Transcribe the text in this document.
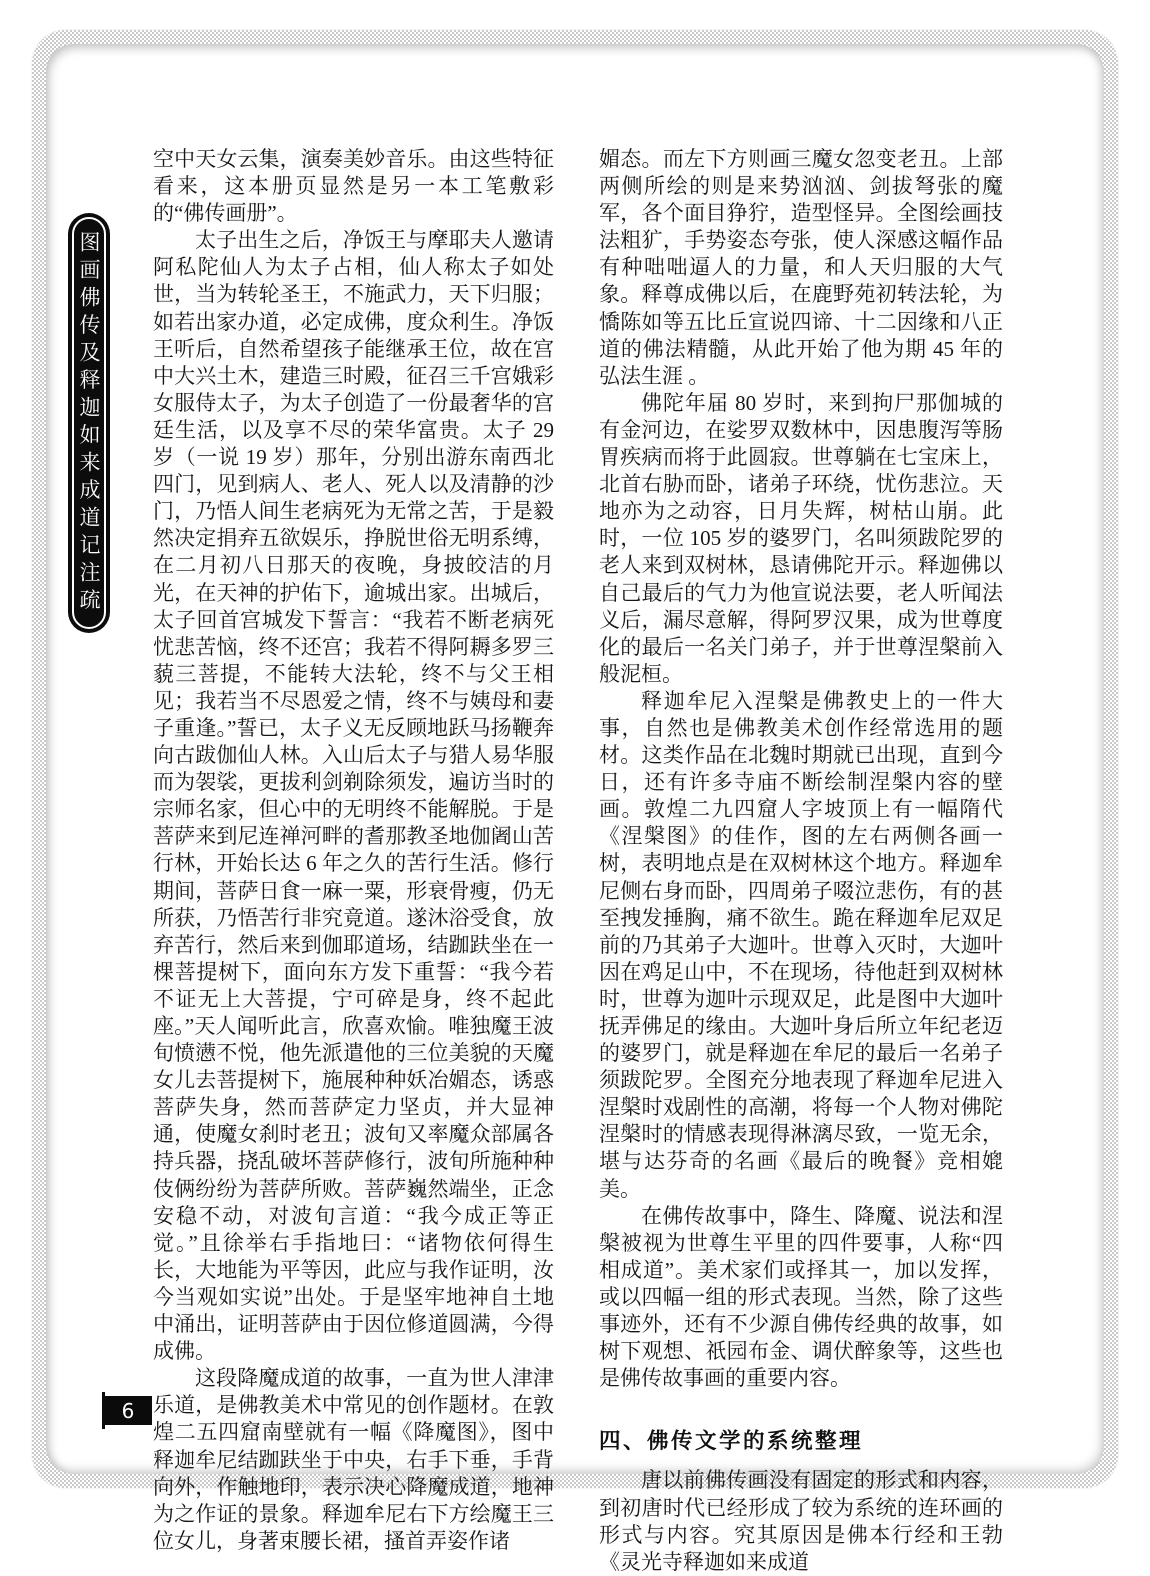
图画佛传及释迦如来成道记注疏

空中天女云集，演奏美妙音乐。由这些特征看来，这本册页显然是另一本工笔敷彩的“佛传画册”。

太子出生之后，净饭王与摩耶夫人邀请阿私陀仙人为太子占相，仙人称太子如处世，当为转轮圣王，不施武力，天下归服；如若出家办道，必定成佛，度众利生。净饭王听后，自然希望孩子能继承王位，故在宫中大兴土木，建造三时殿，征召三千宫娥彩女服侍太子，为太子创造了一份最奢华的宫廷生活，以及享不尽的荣华富贵。太子 29 岁（一说 19 岁）那年，分别出游东南西北四门，见到病人、老人、死人以及清静的沙门，乃悟人间生老病死为无常之苦，于是毅然决定捐弃五欲娱乐，挣脱世俗无明系缚，在二月初八日那天的夜晚，身披皎洁的月光，在天神的护佑下，逾城出家。出城后，太子回首宫城发下誓言：“我若不断老病死忧悲苦恼，终不还宫；我若不得阿耨多罗三藐三菩提，不能转大法轮，终不与父王相见；我若当不尽恩爱之情，终不与姨母和妻子重逢。”誓已，太子义无反顾地跃马扬鞭奔向古跋伽仙人林。入山后太子与猎人易华服而为袈裟，更拔利剑剃除须发，遍访当时的宗师名家，但心中的无明终不能解脱。于是菩萨来到尼连禅河畔的耆那教圣地伽阇山苦行林，开始长达 6 年之久的苦行生活。修行期间，菩萨日食一麻一粟，形衰骨瘦，仍无所获，乃悟苦行非究竟道。遂沐浴受食，放弃苦行，然后来到伽耶道场，结跏趺坐在一棵菩提树下，面向东方发下重誓：“我今若不证无上大菩提，宁可碎是身，终不起此座。”天人闻听此言，欣喜欢愉。唯独魔王波旬愤懑不悦，他先派遣他的三位美貌的天魔女儿去菩提树下，施展种种妖冶媚态，诱惑菩萨失身，然而菩萨定力坚贞，并大显神通，使魔女刹时老丑；波旬又率魔众部属各持兵器，挠乱破坏菩萨修行，波旬所施种种伎俩纷纷为菩萨所败。菩萨巍然端坐，正念安稳不动，对波旬言道：“我今成正等正觉。”且徐举右手指地曰：“诸物依何得生长，大地能为平等因，此应与我作证明，汝今当观如实说”出处。于是坚牢地神自土地中涌出，证明菩萨由于因位修道圆满，今得成佛。

这段降魔成道的故事，一直为世人津津乐道，是佛教美术中常见的创作题材。在敦煌二五四窟南壁就有一幅《降魔图》，图中释迦牟尼结跏趺坐于中央，右手下垂，手背向外，作触地印，表示决心降魔成道，地神为之作证的景象。释迦牟尼右下方绘魔王三位女儿，身著束腰长裙，搔首弄姿作诸

媚态。而左下方则画三魔女忽变老丑。上部两侧所绘的则是来势汹汹、剑拔弩张的魔军，各个面目狰狞，造型怪异。全图绘画技法粗犷，手势姿态夸张，使人深感这幅作品有种咄咄逼人的力量，和人天归服的大气象。释尊成佛以后，在鹿野苑初转法轮，为憍陈如等五比丘宣说四谛、十二因缘和八正道的佛法精髓，从此开始了他为期 45 年的弘法生涯 。

佛陀年届 80 岁时，来到拘尸那伽城的有金河边，在娑罗双数林中，因患腹泻等肠胃疾病而将于此圆寂。世尊躺在七宝床上，北首右胁而卧，诸弟子环绕，忧伤悲泣。天地亦为之动容，日月失辉，树枯山崩。此时，一位 105 岁的婆罗门，名叫须跋陀罗的老人来到双树林，恳请佛陀开示。释迦佛以自己最后的气力为他宣说法要，老人听闻法义后，漏尽意解，得阿罗汉果，成为世尊度化的最后一名关门弟子，并于世尊涅槃前入般泥桓。

释迦牟尼入涅槃是佛教史上的一件大事，自然也是佛教美术创作经常选用的题材。这类作品在北魏时期就已出现，直到今日，还有许多寺庙不断绘制涅槃内容的壁画。敦煌二九四窟人字坡顶上有一幅隋代《涅槃图》的佳作，图的左右两侧各画一树，表明地点是在双树林这个地方。释迦牟尼侧右身而卧，四周弟子啜泣悲伤，有的甚至拽发捶胸，痛不欲生。跪在释迦牟尼双足前的乃其弟子大迦叶。世尊入灭时，大迦叶因在鸡足山中，不在现场，待他赶到双树林时，世尊为迦叶示现双足，此是图中大迦叶抚弄佛足的缘由。大迦叶身后所立年纪老迈的婆罗门，就是释迦在牟尼的最后一名弟子须跋陀罗。全图充分地表现了释迦牟尼进入涅槃时戏剧性的高潮，将每一个人物对佛陀涅槃时的情感表现得淋漓尽致，一览无余，堪与达芬奇的名画《最后的晚餐》竞相媲美。

在佛传故事中，降生、降魔、说法和涅槃被视为世尊生平里的四件要事，人称“四相成道”。美术家们或择其一，加以发挥，或以四幅一组的形式表现。当然，除了这些事迹外，还有不少源自佛传经典的故事，如树下观想、祇园布金、调伏醉象等，这些也是佛传故事画的重要内容。

四、佛传文学的系统整理

唐以前佛传画没有固定的形式和内容，到初唐时代已经形成了较为系统的连环画的形式与内容。究其原因是佛本行经和王勃《灵光寺释迦如来成道

6
